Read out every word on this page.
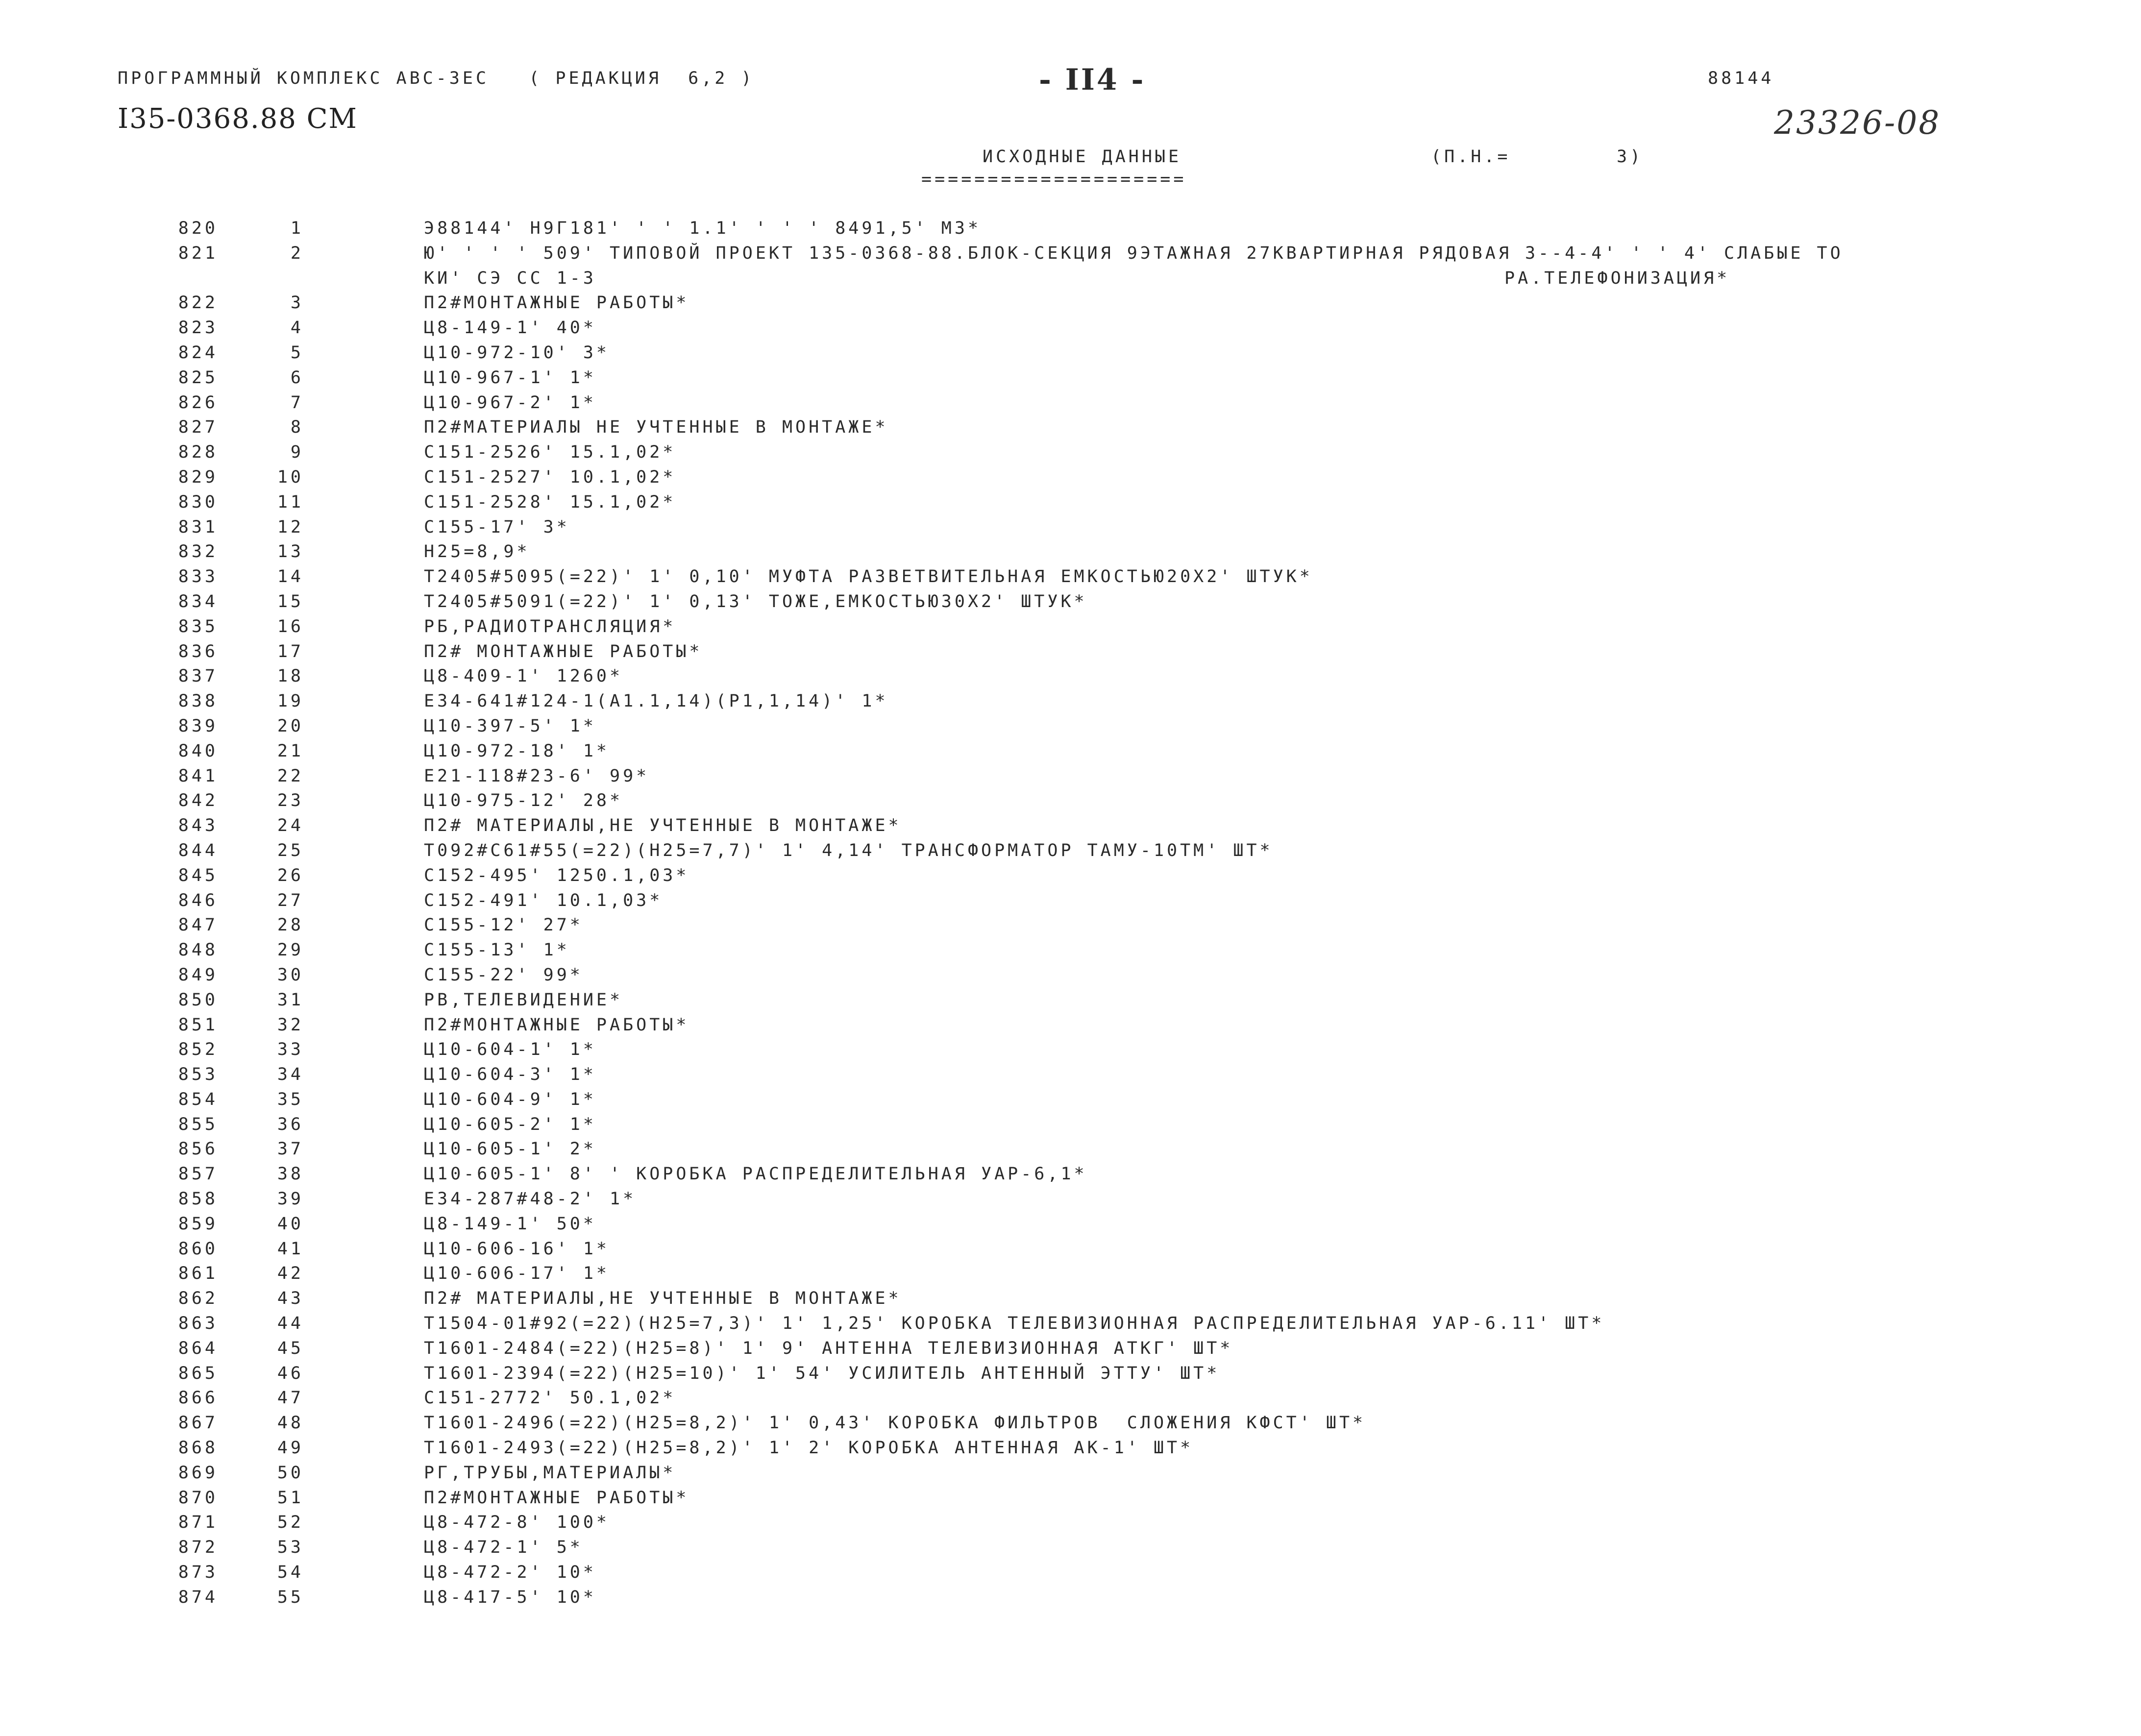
ПРОГРАММНЫЙ КОМПЛЕКС АВС-3ЕС   ( РЕДАКЦИЯ  6,2 )	- II4 -	88144
I35-0368.88 СМ	23326-08
ИСХОДНЫЕ ДАННЫЕ
====================
(П.Н.=        3)
820	1	Э88144' Н9Г181' ' ' 1.1' ' ' ' 8491,5' М3*
821	2	Ю' ' ' ' 509' ТИПОВОЙ ПРОЕКТ 135-0368-88.БЛОК-СЕКЦИЯ 9ЭТАЖНАЯ 27КВАРТИРНАЯ РЯДОВАЯ 3--4-4' ' ' 4' СЛАБЫЕ ТО
КИ' СЭ СС 1-3	РА.ТЕЛЕФОНИЗАЦИЯ*
822	3	П2#МОНТАЖНЫЕ РАБОТЫ*
823	4	Ц8-149-1' 40*
824	5	Ц10-972-10' 3*
825	6	Ц10-967-1' 1*
826	7	Ц10-967-2' 1*
827	8	П2#МАТЕРИАЛЫ НЕ УЧТЕННЫЕ В МОНТАЖЕ*
828	9	С151-2526' 15.1,02*
829	10	С151-2527' 10.1,02*
830	11	С151-2528' 15.1,02*
831	12	С155-17' 3*
832	13	Н25=8,9*
833	14	Т2405#5095(=22)' 1' 0,10' МУФТА РАЗВЕТВИТЕЛЬНАЯ ЕМКОСТЬЮ20Х2' ШТУК*
834	15	Т2405#5091(=22)' 1' 0,13' ТОЖЕ,ЕМКОСТЬЮ30Х2' ШТУК*
835	16	РБ,РАДИОТРАНСЛЯЦИЯ*
836	17	П2# МОНТАЖНЫЕ РАБОТЫ*
837	18	Ц8-409-1' 1260*
838	19	Е34-641#124-1(А1.1,14)(Р1,1,14)' 1*
839	20	Ц10-397-5' 1*
840	21	Ц10-972-18' 1*
841	22	Е21-118#23-6' 99*
842	23	Ц10-975-12' 28*
843	24	П2# МАТЕРИАЛЫ,НЕ УЧТЕННЫЕ В МОНТАЖЕ*
844	25	Т092#С61#55(=22)(Н25=7,7)' 1' 4,14' ТРАНСФОРМАТОР ТАМУ-10ТМ' ШТ*
845	26	С152-495' 1250.1,03*
846	27	С152-491' 10.1,03*
847	28	С155-12' 27*
848	29	С155-13' 1*
849	30	С155-22' 99*
850	31	РВ,ТЕЛЕВИДЕНИЕ*
851	32	П2#МОНТАЖНЫЕ РАБОТЫ*
852	33	Ц10-604-1' 1*
853	34	Ц10-604-3' 1*
854	35	Ц10-604-9' 1*
855	36	Ц10-605-2' 1*
856	37	Ц10-605-1' 2*
857	38	Ц10-605-1' 8' ' КОРОБКА РАСПРЕДЕЛИТЕЛЬНАЯ УАР-6,1*
858	39	Е34-287#48-2' 1*
859	40	Ц8-149-1' 50*
860	41	Ц10-606-16' 1*
861	42	Ц10-606-17' 1*
862	43	П2# МАТЕРИАЛЫ,НЕ УЧТЕННЫЕ В МОНТАЖЕ*
863	44	Т1504-01#92(=22)(Н25=7,3)' 1' 1,25' КОРОБКА ТЕЛЕВИЗИОННАЯ РАСПРЕДЕЛИТЕЛЬНАЯ УАР-6.11' ШТ*
864	45	Т1601-2484(=22)(Н25=8)' 1' 9' АНТЕННА ТЕЛЕВИЗИОННАЯ АТКГ' ШТ*
865	46	Т1601-2394(=22)(Н25=10)' 1' 54' УСИЛИТЕЛЬ АНТЕННЫЙ ЭТТУ' ШТ*
866	47	С151-2772' 50.1,02*
867	48	Т1601-2496(=22)(Н25=8,2)' 1' 0,43' КОРОБКА ФИЛЬТРОВ  СЛОЖЕНИЯ КФСТ' ШТ*
868	49	Т1601-2493(=22)(Н25=8,2)' 1' 2' КОРОБКА АНТЕННАЯ АК-1' ШТ*
869	50	РГ,ТРУБЫ,МАТЕРИАЛЫ*
870	51	П2#МОНТАЖНЫЕ РАБОТЫ*
871	52	Ц8-472-8' 100*
872	53	Ц8-472-1' 5*
873	54	Ц8-472-2' 10*
874	55	Ц8-417-5' 10*
